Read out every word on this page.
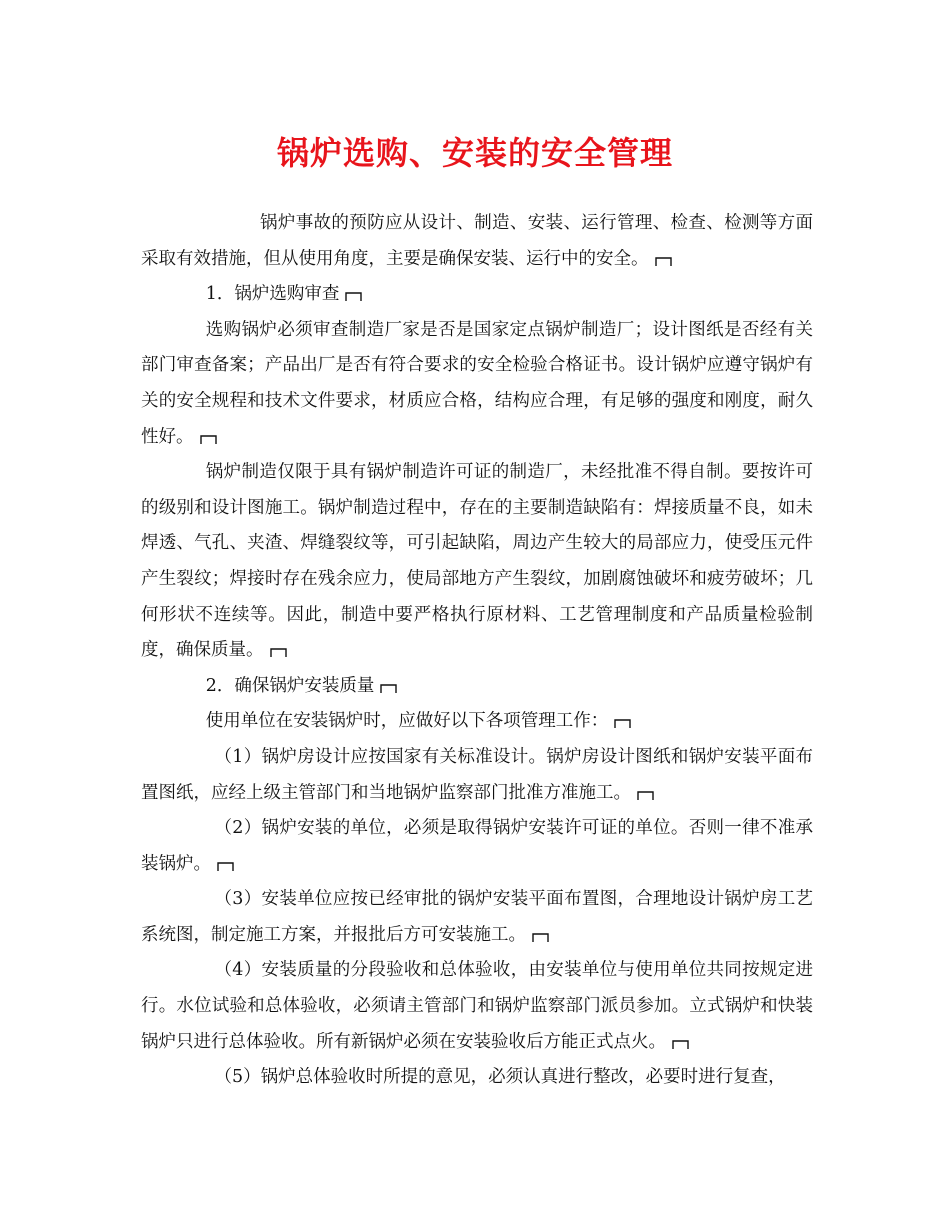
锅炉选购、安装的安全管理

锅炉事故的预防应从设计、制造、安装、运行管理、检查、检测等方面采取有效措施，但从使用角度，主要是确保安装、运行中的安全。

1．锅炉选购审查

选购锅炉必须审查制造厂家是否是国家定点锅炉制造厂；设计图纸是否经有关部门审查备案；产品出厂是否有符合要求的安全检验合格证书。设计锅炉应遵守锅炉有关的安全规程和技术文件要求，材质应合格，结构应合理，有足够的强度和刚度，耐久性好。

锅炉制造仅限于具有锅炉制造许可证的制造厂，未经批准不得自制。要按许可的级别和设计图施工。锅炉制造过程中，存在的主要制造缺陷有：焊接质量不良，如未焊透、气孔、夹渣、焊缝裂纹等，可引起缺陷，周边产生较大的局部应力，使受压元件产生裂纹；焊接时存在残余应力，使局部地方产生裂纹，加剧腐蚀破坏和疲劳破坏；几何形状不连续等。因此，制造中要严格执行原材料、工艺管理制度和产品质量检验制度，确保质量。

2．确保锅炉安装质量

使用单位在安装锅炉时，应做好以下各项管理工作：

（1）锅炉房设计应按国家有关标准设计。锅炉房设计图纸和锅炉安装平面布置图纸，应经上级主管部门和当地锅炉监察部门批准方准施工。

（2）锅炉安装的单位，必须是取得锅炉安装许可证的单位。否则一律不准承装锅炉。

（3）安装单位应按已经审批的锅炉安装平面布置图，合理地设计锅炉房工艺系统图，制定施工方案，并报批后方可安装施工。

（4）安装质量的分段验收和总体验收，由安装单位与使用单位共同按规定进行。水位试验和总体验收，必须请主管部门和锅炉监察部门派员参加。立式锅炉和快装锅炉只进行总体验收。所有新锅炉必须在安装验收后方能正式点火。

（5）锅炉总体验收时所提的意见，必须认真进行整改，必要时进行复查，
